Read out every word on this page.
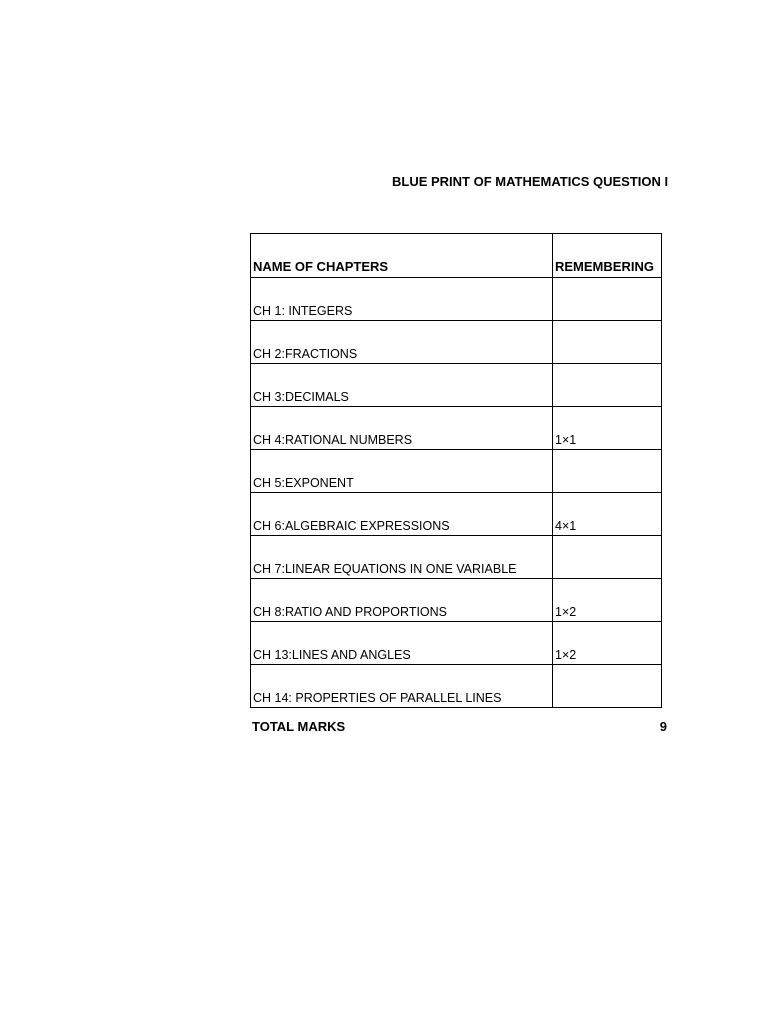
BLUE PRINT OF MATHEMATICS QUESTION I
NAME OF CHAPTERS	REMEMBERING
CH 1: INTEGERS	
CH 2:FRACTIONS	
CH 3:DECIMALS	
CH 4:RATIONAL NUMBERS	1×1
CH 5:EXPONENT	
CH 6:ALGEBRAIC EXPRESSIONS	4×1
CH 7:LINEAR EQUATIONS IN ONE VARIABLE	
CH 8:RATIO AND PROPORTIONS	1×2
CH 13:LINES AND ANGLES	1×2
CH 14: PROPERTIES OF PARALLEL LINES	
TOTAL MARKS	9
